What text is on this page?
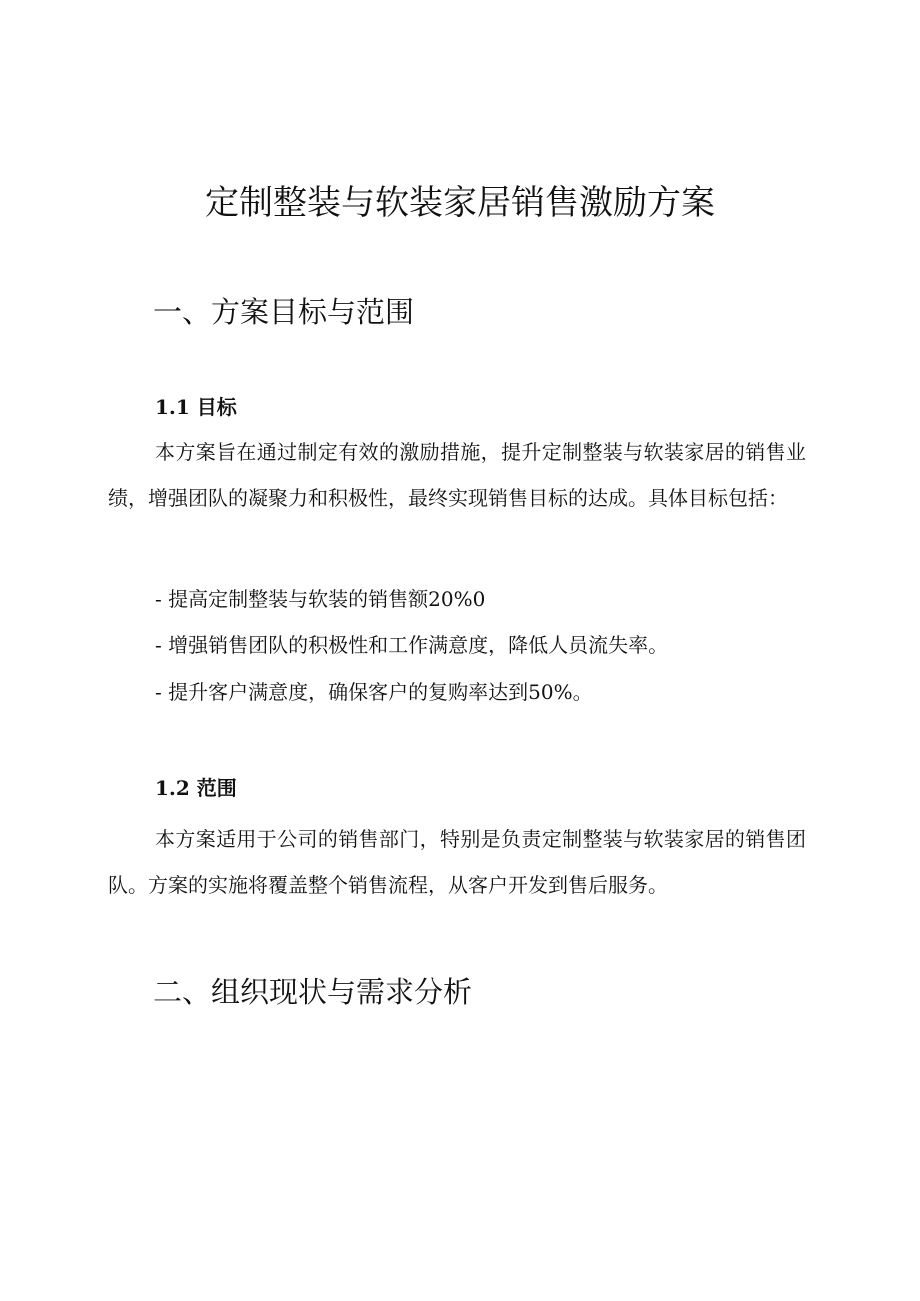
定制整装与软装家居销售激励方案
一、方案目标与范围
1.1 目标

本方案旨在通过制定有效的激励措施，提升定制整装与软装家居的销售业绩，增强团队的凝聚力和积极性，最终实现销售目标的达成。具体目标包括：

- 提高定制整装与软装的销售额20%0
- 增强销售团队的积极性和工作满意度，降低人员流失率。
- 提升客户满意度，确保客户的复购率达到50%。
1.2 范围

本方案适用于公司的销售部门，特别是负责定制整装与软装家居的销售团队。方案的实施将覆盖整个销售流程，从客户开发到售后服务。

二、组织现状与需求分析
